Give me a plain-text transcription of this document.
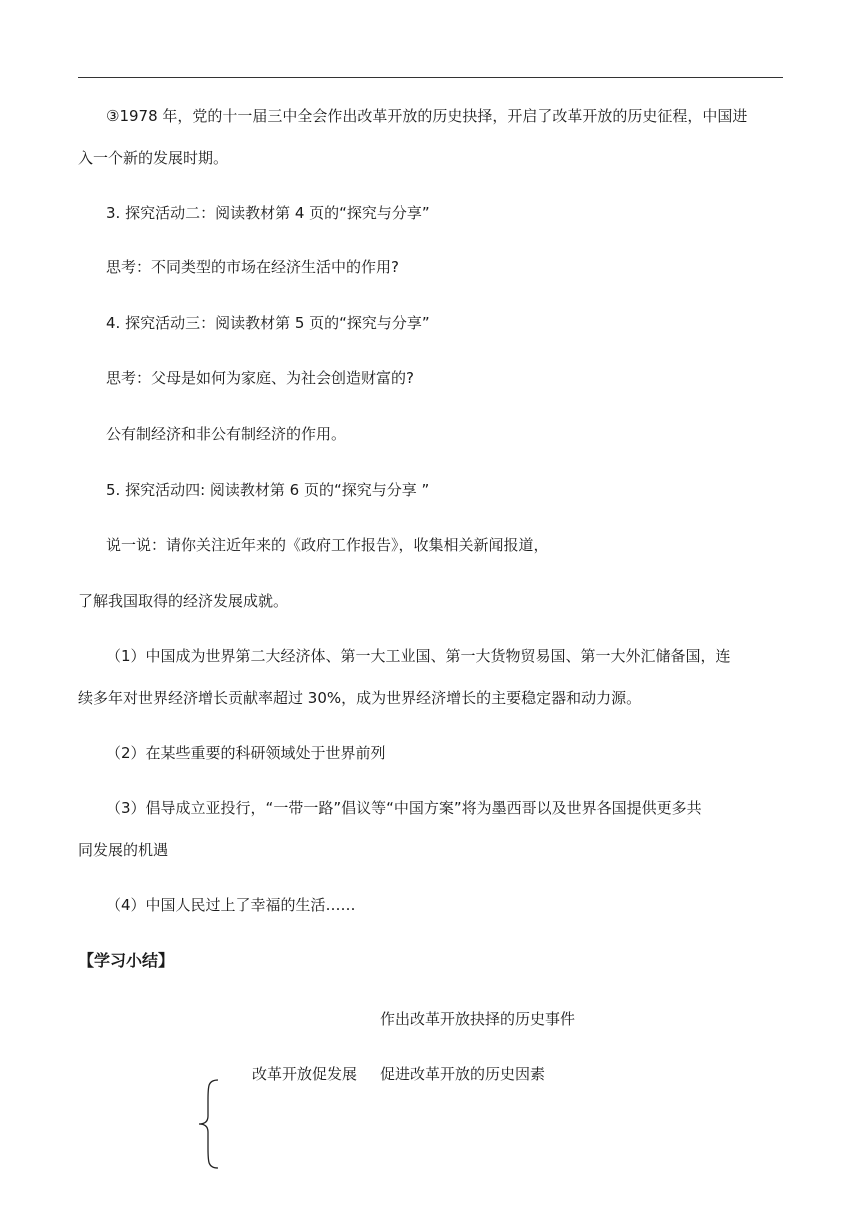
③1978 年，党的十一届三中全会作出改革开放的历史抉择，开启了改革开放的历史征程，中国进
入一个新的发展时期。
3. 探究活动二：阅读教材第 4 页的“探究与分享”
思考：不同类型的市场在经济生活中的作用?
4. 探究活动三：阅读教材第 5 页的“探究与分享”
思考：父母是如何为家庭、为社会创造财富的?
公有制经济和非公有制经济的作用。
5. 探究活动四: 阅读教材第 6 页的“探究与分享 ”
说一说：请你关注近年来的《政府工作报告》，收集相关新闻报道，
了解我国取得的经济发展成就。
（1）中国成为世界第二大经济体、第一大工业国、第一大货物贸易国、第一大外汇储备国，连
续多年对世界经济增长贡献率超过 30%，成为世界经济增长的主要稳定器和动力源。
（2）在某些重要的科研领域处于世界前列
（3）倡导成立亚投行，“一带一路”倡议等“中国方案”将为墨西哥以及世界各国提供更多共
同发展的机遇
（4）中国人民过上了幸福的生活……
【学习小结】
作出改革开放抉择的历史事件
改革开放促发展 促进改革开放的历史因素
